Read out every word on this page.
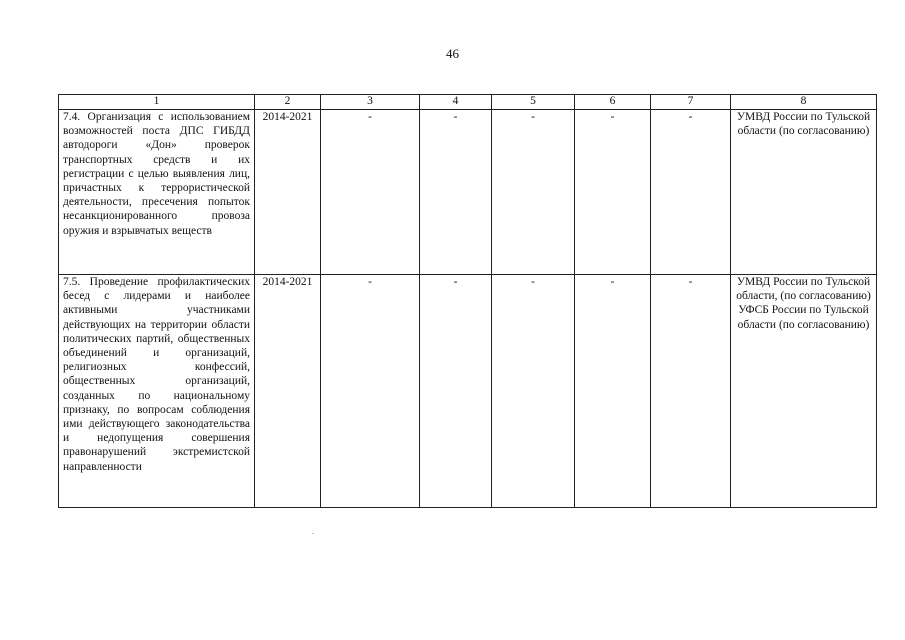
46
1	2	3	4	5	6	7	8
7.4. Организация с использованием возможностей поста ДПС ГИБДД автодороги «Дон» проверок транспортных средств и их регистрации с целью выявления лиц, причастных к террористической деятельности, пресечения попыток несанкционированного провоза оружия и взрывчатых веществ	2014-2021	-	-	-	-	-	УМВД России по Тульской области (по согласованию)
7.5. Проведение профилактических бесед с лидерами и наиболее активными участниками действующих на территории области политических партий, общественных объединений и организаций, религиозных конфессий, общественных организаций, созданных по национальному признаку, по вопросам соблюдения ими действующего законодательства и недопущения совершения правонарушений экстремистской направленности	2014-2021	-	-	-	-	-	УМВД России по Тульской области, (по согласованию) УФСБ России по Тульской области (по согласованию)
